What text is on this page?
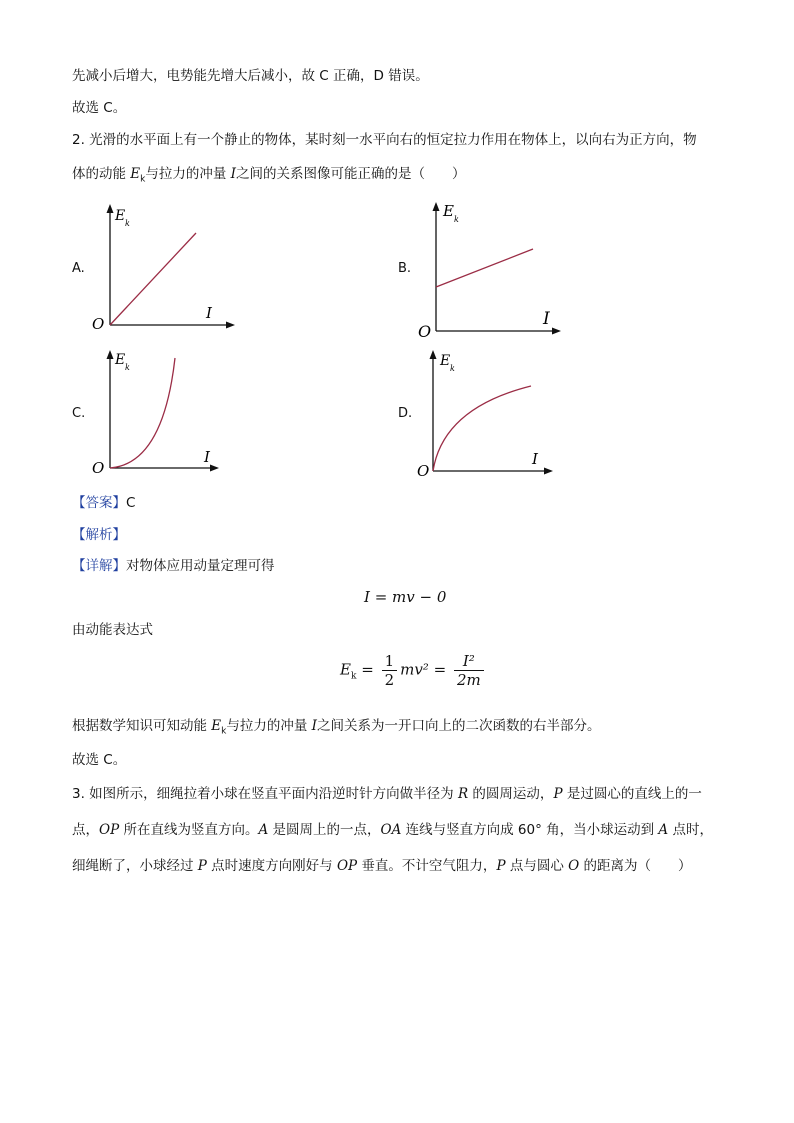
先减小后增大，电势能先增大后减小，故 C 正确，D 错误。
故选 C。
2. 光滑的水平面上有一个静止的物体，某时刻一水平向右的恒定拉力作用在物体上，以向右为正方向，物
体的动能 $E_k$与拉力的冲量 I之间的关系图像可能正确的是（　　）
A.
E k
I
O
B.
E k
I
O
C.
E k
I
O
D.
E k
I
O
【答案】C
【解析】
【详解】对物体应用动量定理可得
I = mv − 0
由动能表达式
$E_k = \frac{1}{2} mv^2 = \frac{\text{I²}}{2m}$
根据数学知识可知动能 $E_k$与拉力的冲量 I之间关系为一开口向上的二次函数的右半部分。
故选 C。
3. 如图所示，细绳拉着小球在竖直平面内沿逆时针方向做半径为 R 的圆周运动，P 是过圆心的直线上的一
点，OP 所在直线为竖直方向。A 是圆周上的一点，OA 连线与竖直方向成 60° 角，当小球运动到 A 点时，
细绳断了，小球经过 P 点时速度方向刚好与 OP 垂直。不计空气阻力，P 点与圆心 O 的距离为（　　）
